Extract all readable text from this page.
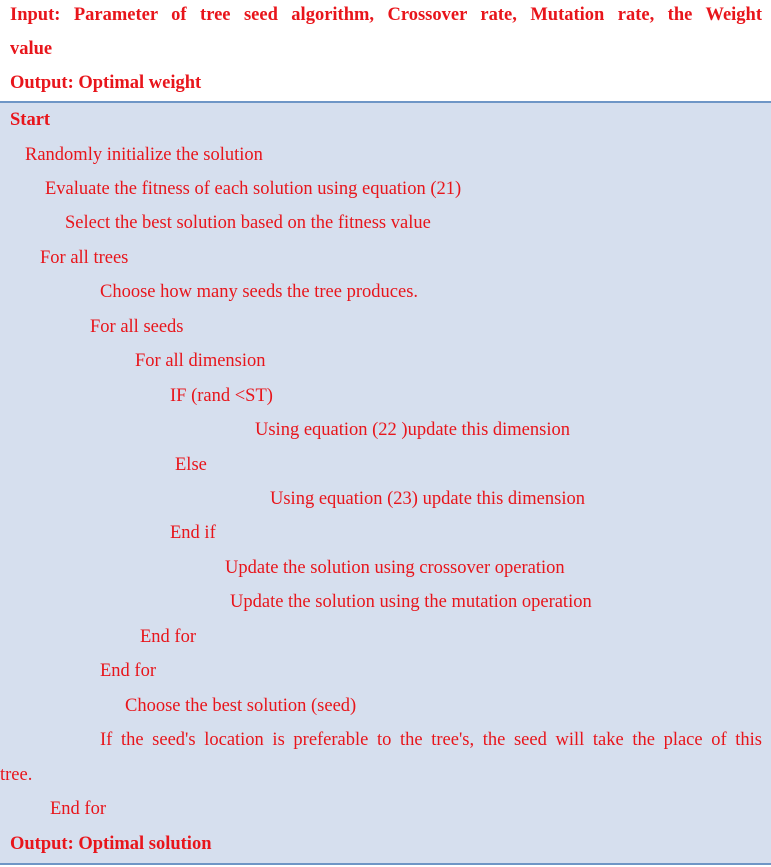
Input: Parameter of tree seed algorithm, Crossover rate, Mutation rate, the Weight
value
Output: Optimal weight
Start
Randomly initialize the solution
Evaluate the fitness of each solution using equation (21)
Select the best solution based on the fitness value
For all trees
Choose how many seeds the tree produces.
For all seeds
For all dimension
IF (rand <ST)
Using equation (22 )update this dimension
Else
Using equation (23) update this dimension
End if
Update the solution using crossover operation
Update the solution using the mutation operation
End for
End for
Choose the best solution (seed)
If the seed's location is preferable to the tree's, the seed will take the place of this
tree.
End for
Output: Optimal solution
